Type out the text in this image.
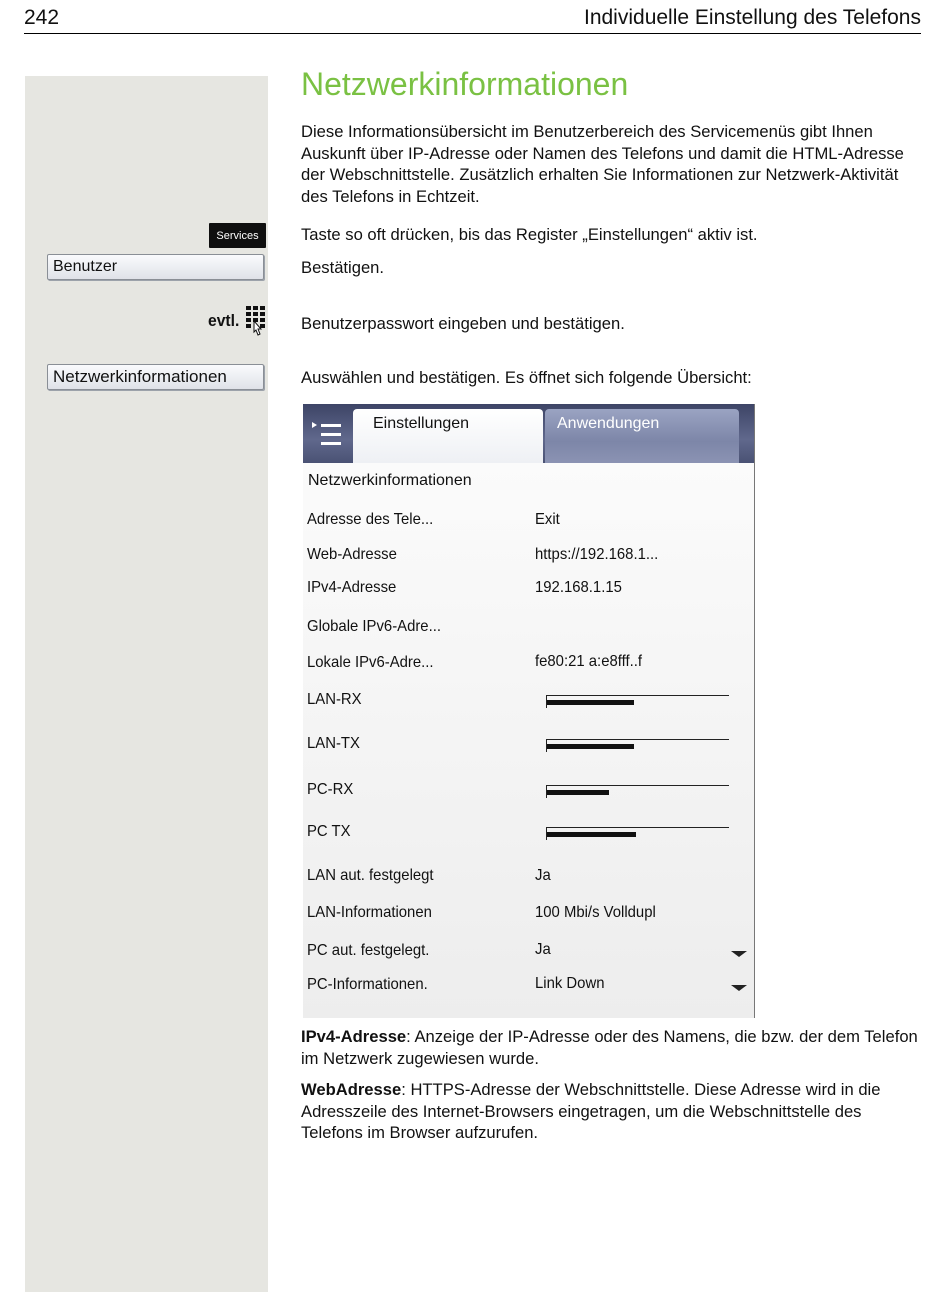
242	Individuelle Einstellung des Telefons
Services
Benutzer
evtl.
Netzwerkinformationen
Netzwerkinformationen
Diese Informationsübersicht im Benutzerbereich des Servicemenüs gibt Ihnen Auskunft über IP-Adresse oder Namen des Telefons und damit die HTML-Adresse der Webschnittstelle. Zusätzlich erhalten Sie Informationen zur Netzwerk-Aktivität des Telefons in Echtzeit.
Taste so oft drücken, bis das Register „Einstellungen“ aktiv ist.
Bestätigen.
Benutzerpasswort eingeben und bestätigen.
Auswählen und bestätigen. Es öffnet sich folgende Übersicht:
Einstellungen	Anwendungen
Netzwerkinformationen
Adresse des Tele...	Exit
Web-Adresse	https://192.168.1...
IPv4-Adresse	192.168.1.15
Globale IPv6-Adre...
Lokale IPv6-Adre...	fe80:21 a:e8fff..f
LAN-RX
LAN-TX
PC-RX
PC TX
LAN aut. festgelegt	Ja
LAN-Informationen	100 Mbi/s Volldupl
PC aut. festgelegt.	Ja
PC-Informationen.	Link Down
IPv4-Adresse: Anzeige der IP-Adresse oder des Namens, die bzw. der dem Telefon im Netzwerk zugewiesen wurde.
WebAdresse: HTTPS-Adresse der Webschnittstelle. Diese Adresse wird in die Adresszeile des Internet-Browsers eingetragen, um die Webschnittstelle des Telefons im Browser aufzurufen.
